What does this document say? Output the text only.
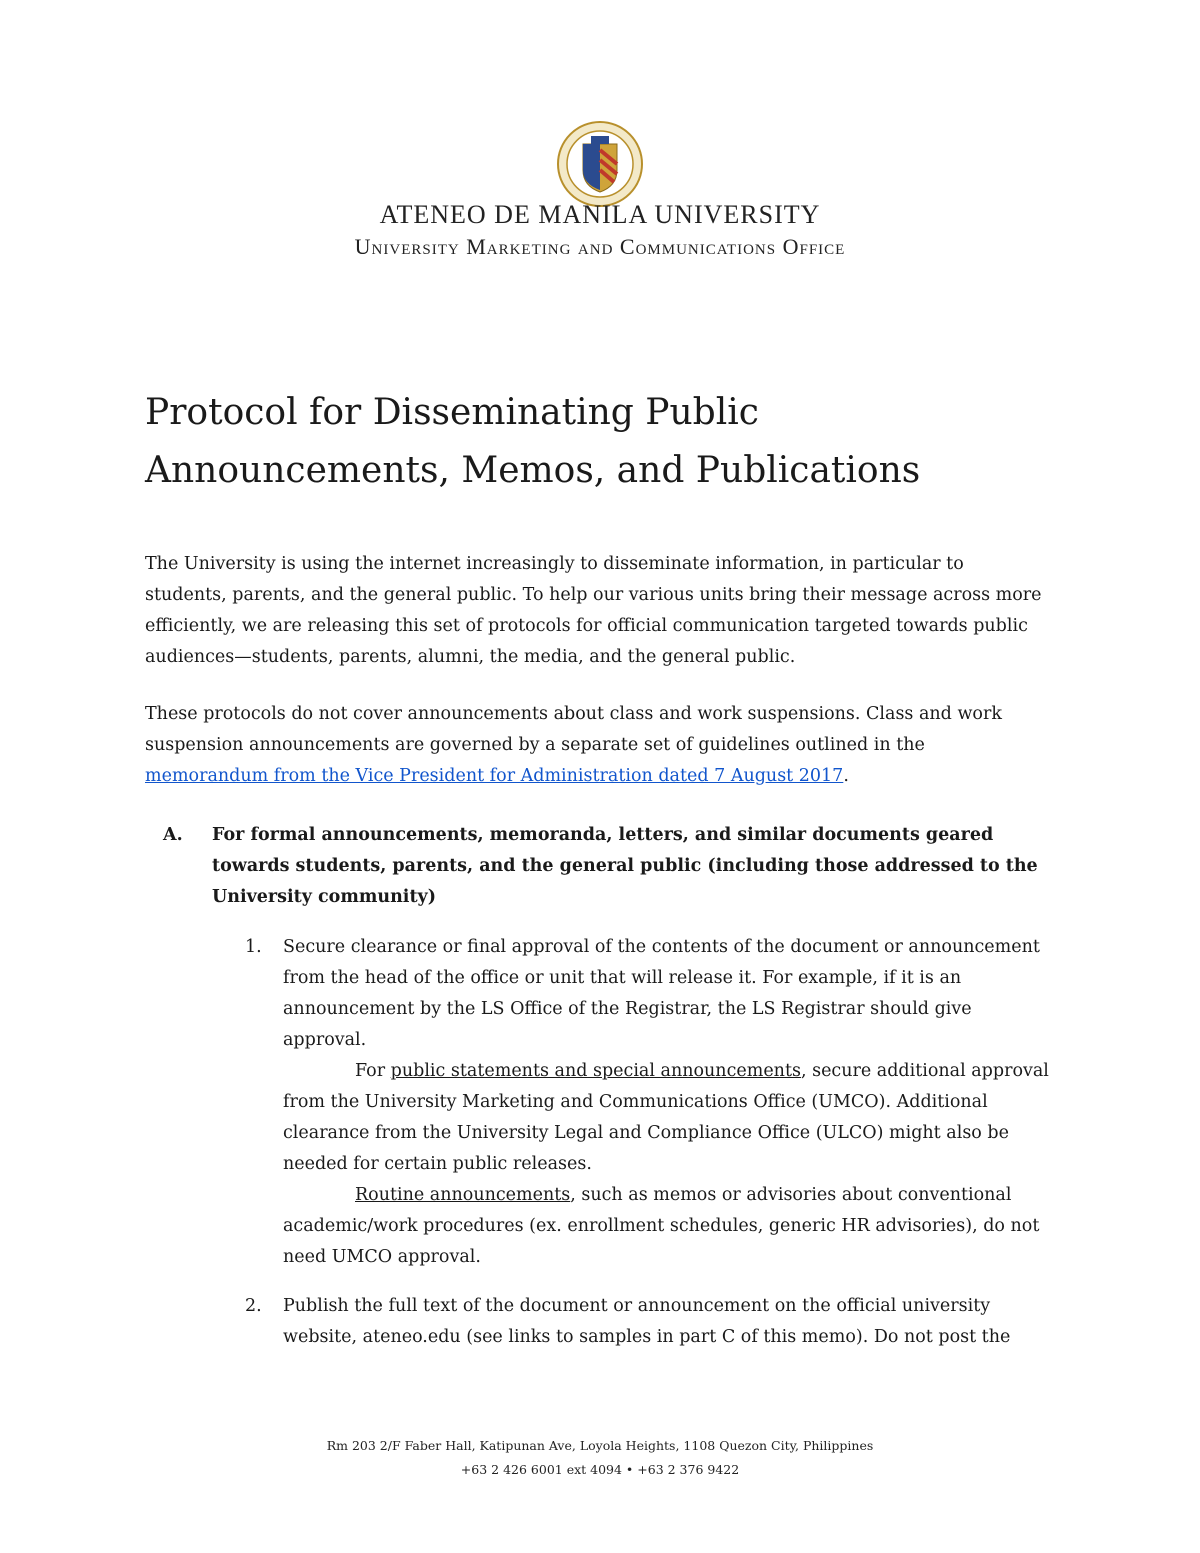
ATENEO DE MANILA UNIVERSITY
University Marketing and Communications Office
Protocol for Disseminating Public
Announcements, Memos, and Publications
The University is using the internet increasingly to disseminate information, in particular to students, parents, and the general public. To help our various units bring their message across more efficiently, we are releasing this set of protocols for official communication targeted towards public audiences—students, parents, alumni, the media, and the general public.
These protocols do not cover announcements about class and work suspensions. Class and work suspension announcements are governed by a separate set of guidelines outlined in the memorandum from the Vice President for Administration dated 7 August 2017.
A. For formal announcements, memoranda, letters, and similar documents geared towards students, parents, and the general public (including those addressed to the University community)
1. Secure clearance or final approval of the contents of the document or announcement from the head of the office or unit that will release it. For example, if it is an announcement by the LS Office of the Registrar, the LS Registrar should give approval.
For public statements and special announcements, secure additional approval from the University Marketing and Communications Office (UMCO). Additional clearance from the University Legal and Compliance Office (ULCO) might also be needed for certain public releases.
Routine announcements, such as memos or advisories about conventional academic/work procedures (ex. enrollment schedules, generic HR advisories), do not need UMCO approval.
2. Publish the full text of the document or announcement on the official university website, ateneo.edu (see links to samples in part C of this memo). Do not post the
Rm 203 2/F Faber Hall, Katipunan Ave, Loyola Heights, 1108 Quezon City, Philippines
+63 2 426 6001 ext 4094 • +63 2 376 9422
